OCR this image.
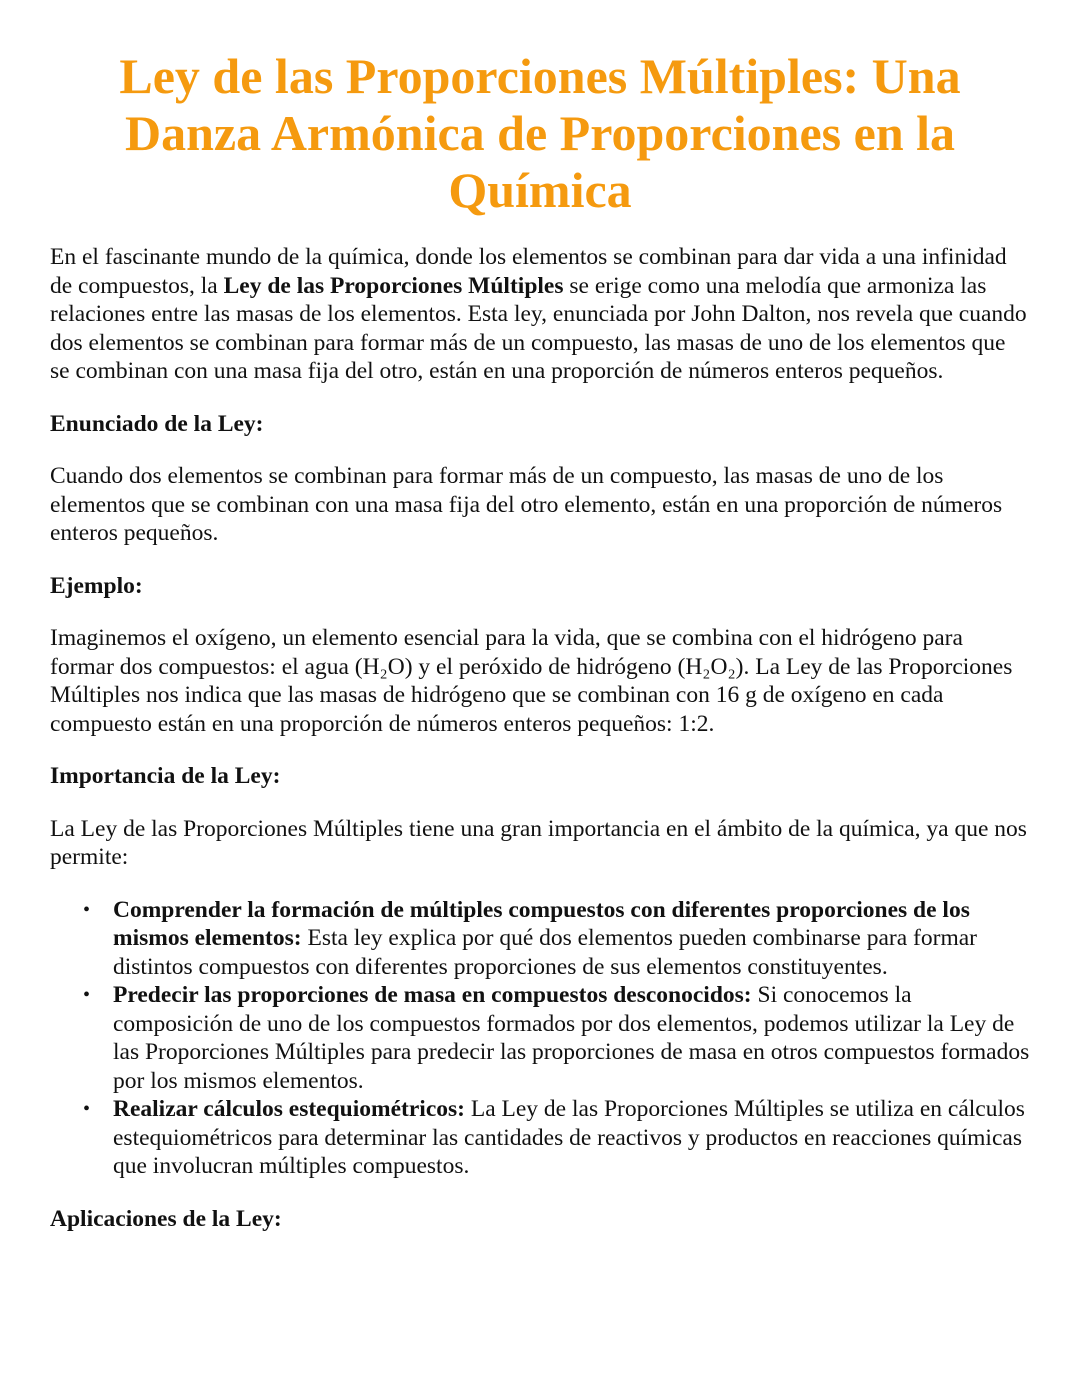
Ley de las Proporciones Múltiples: Una Danza Armónica de Proporciones en la Química

En el fascinante mundo de la química, donde los elementos se combinan para dar vida a una infinidad de compuestos, la Ley de las Proporciones Múltiples se erige como una melodía que armoniza las relaciones entre las masas de los elementos. Esta ley, enunciada por John Dalton, nos revela que cuando dos elementos se combinan para formar más de un compuesto, las masas de uno de los elementos que se combinan con una masa fija del otro, están en una proporción de números enteros pequeños.

Enunciado de la Ley:

Cuando dos elementos se combinan para formar más de un compuesto, las masas de uno de los elementos que se combinan con una masa fija del otro elemento, están en una proporción de números enteros pequeños.

Ejemplo:

Imaginemos el oxígeno, un elemento esencial para la vida, que se combina con el hidrógeno para formar dos compuestos: el agua (H₂O) y el peróxido de hidrógeno (H₂O₂). La Ley de las Proporciones Múltiples nos indica que las masas de hidrógeno que se combinan con 16 g de oxígeno en cada compuesto están en una proporción de números enteros pequeños: 1:2.

Importancia de la Ley:

La Ley de las Proporciones Múltiples tiene una gran importancia en el ámbito de la química, ya que nos permite:

• Comprender la formación de múltiples compuestos con diferentes proporciones de los mismos elementos: Esta ley explica por qué dos elementos pueden combinarse para formar distintos compuestos con diferentes proporciones de sus elementos constituyentes.
• Predecir las proporciones de masa en compuestos desconocidos: Si conocemos la composición de uno de los compuestos formados por dos elementos, podemos utilizar la Ley de las Proporciones Múltiples para predecir las proporciones de masa en otros compuestos formados por los mismos elementos.
• Realizar cálculos estequiométricos: La Ley de las Proporciones Múltiples se utiliza en cálculos estequiométricos para determinar las cantidades de reactivos y productos en reacciones químicas que involucran múltiples compuestos.
Aplicaciones de la Ley:
